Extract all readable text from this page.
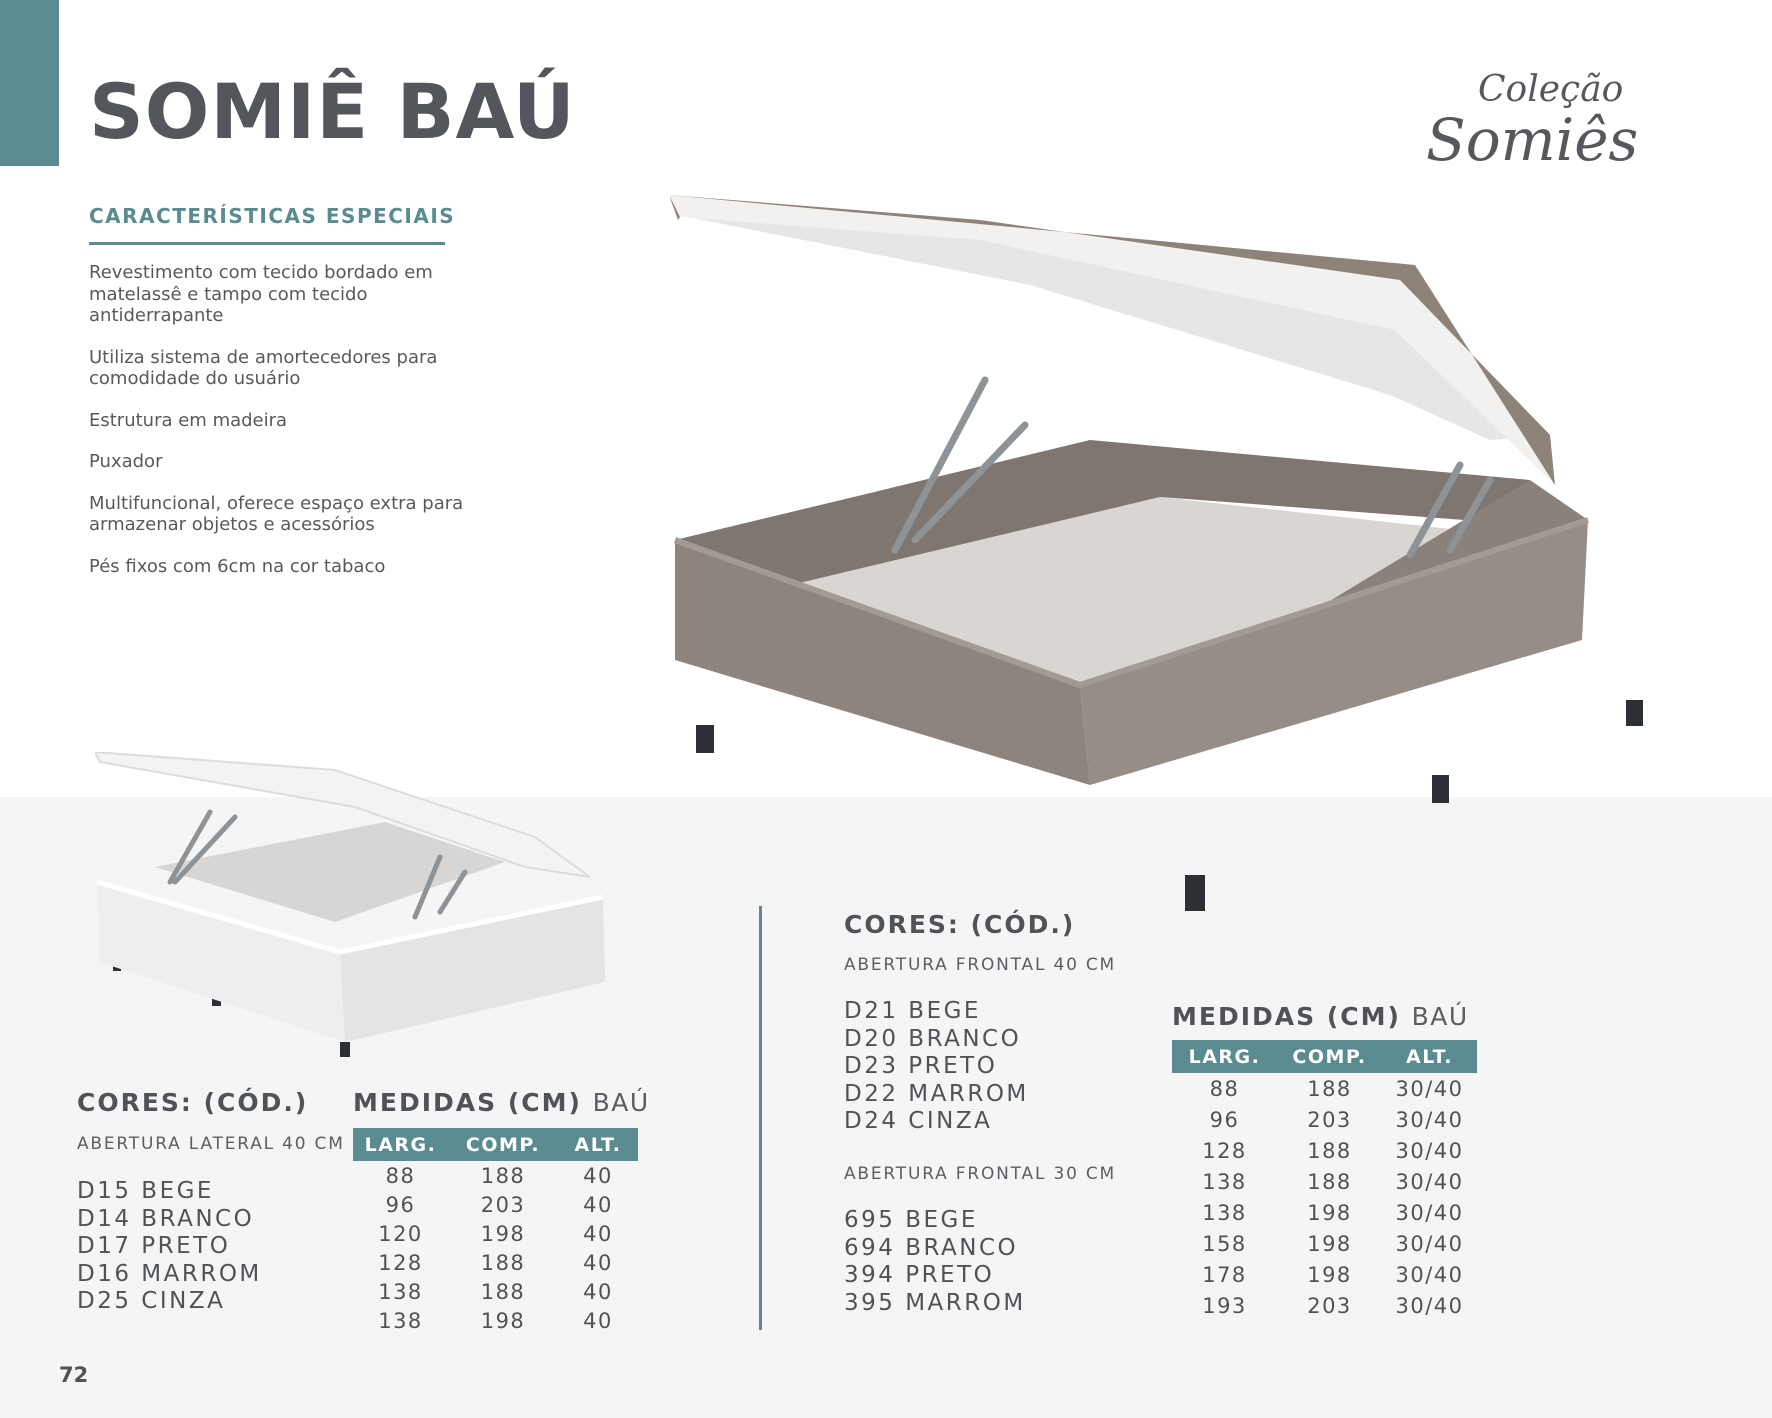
SOMIÊ BAÚ	Coleção
Somiês
CARACTERÍSTICAS ESPECIAIS
Revestimento com tecido bordado em matelassê e tampo com tecido antiderrapante
Utiliza sistema de amortecedores para comodidade do usuário
Estrutura em madeira
Puxador
Multifuncional, oferece espaço extra para armazenar objetos e acessórios
Pés fixos com 6cm na cor tabaco
CORES: (CÓD.)
ABERTURA LATERAL 40 CM
D15 BEGE
D14 BRANCO
D17 PRETO
D16 MARROM
D25 CINZA
MEDIDAS (CM) BAÚ
LARG.	COMP.	ALT.
88	188	40
96	203	40
120	198	40
128	188	40
138	188	40
138	198	40
CORES: (CÓD.)
ABERTURA FRONTAL 40 CM
D21 BEGE
D20 BRANCO
D23 PRETO
D22 MARROM
D24 CINZA
ABERTURA FRONTAL 30 CM
695 BEGE
694 BRANCO
394 PRETO
395 MARROM
MEDIDAS (CM) BAÚ
LARG.	COMP.	ALT.
88	188	30/40
96	203	30/40
128	188	30/40
138	188	30/40
138	198	30/40
158	198	30/40
178	198	30/40
193	203	30/40
72
